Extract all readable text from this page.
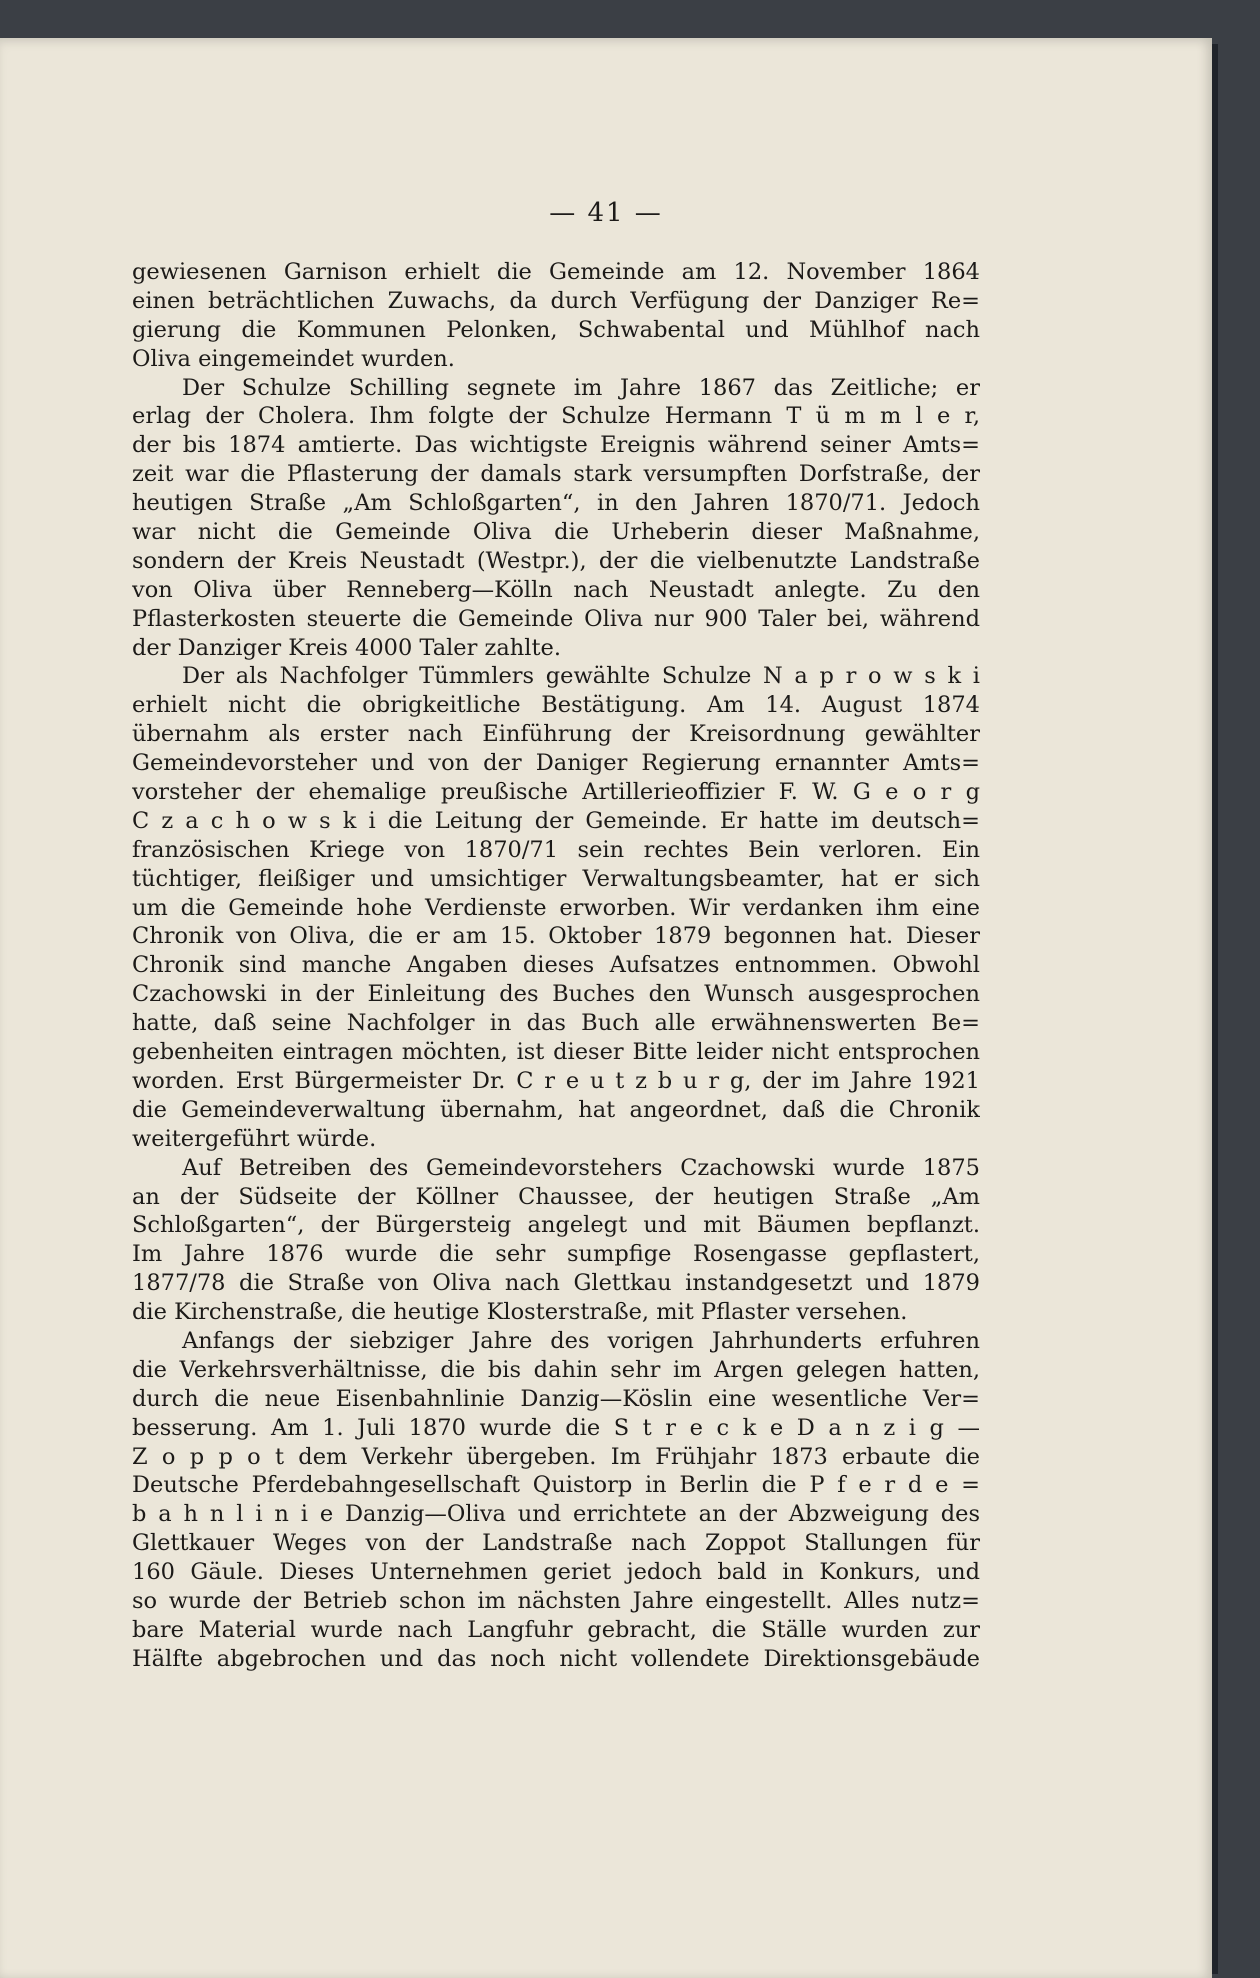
— 41 —
gewiesenen Garnison erhielt die Gemeinde am 12. November 1864
einen beträchtlichen Zuwachs, da durch Verfügung der Danziger Re=
gierung die Kommunen Pelonken, Schwabental und Mühlhof nach
Oliva eingemeindet wurden.
Der Schulze Schilling segnete im Jahre 1867 das Zeitliche; er
erlag der Cholera. Ihm folgte der Schulze Hermann T ü m m l e r,
der bis 1874 amtierte. Das wichtigste Ereignis während seiner Amts=
zeit war die Pflasterung der damals stark versumpften Dorfstraße, der
heutigen Straße „Am Schloßgarten“, in den Jahren 1870/71. Jedoch
war nicht die Gemeinde Oliva die Urheberin dieser Maßnahme,
sondern der Kreis Neustadt (Westpr.), der die vielbenutzte Landstraße
von Oliva über Renneberg—Kölln nach Neustadt anlegte. Zu den
Pflasterkosten steuerte die Gemeinde Oliva nur 900 Taler bei, während
der Danziger Kreis 4000 Taler zahlte.
Der als Nachfolger Tümmlers gewählte Schulze N a p r o w s k i
erhielt nicht die obrigkeitliche Bestätigung. Am 14. August 1874
übernahm als erster nach Einführung der Kreisordnung gewählter
Gemeindevorsteher und von der Daniger Regierung ernannter Amts=
vorsteher der ehemalige preußische Artillerieoffizier F. W. G e o r g
C z a c h o w s k i die Leitung der Gemeinde. Er hatte im deutsch=
französischen Kriege von 1870/71 sein rechtes Bein verloren. Ein
tüchtiger, fleißiger und umsichtiger Verwaltungsbeamter, hat er sich
um die Gemeinde hohe Verdienste erworben. Wir verdanken ihm eine
Chronik von Oliva, die er am 15. Oktober 1879 begonnen hat. Dieser
Chronik sind manche Angaben dieses Aufsatzes entnommen. Obwohl
Czachowski in der Einleitung des Buches den Wunsch ausgesprochen
hatte, daß seine Nachfolger in das Buch alle erwähnenswerten Be=
gebenheiten eintragen möchten, ist dieser Bitte leider nicht entsprochen
worden. Erst Bürgermeister Dr. C r e u t z b u r g, der im Jahre 1921
die Gemeindeverwaltung übernahm, hat angeordnet, daß die Chronik
weitergeführt würde.
Auf Betreiben des Gemeindevorstehers Czachowski wurde 1875
an der Südseite der Köllner Chaussee, der heutigen Straße „Am
Schloßgarten“, der Bürgersteig angelegt und mit Bäumen bepflanzt.
Im Jahre 1876 wurde die sehr sumpfige Rosengasse gepflastert,
1877/78 die Straße von Oliva nach Glettkau instandgesetzt und 1879
die Kirchenstraße, die heutige Klosterstraße, mit Pflaster versehen.
Anfangs der siebziger Jahre des vorigen Jahrhunderts erfuhren
die Verkehrsverhältnisse, die bis dahin sehr im Argen gelegen hatten,
durch die neue Eisenbahnlinie Danzig—Köslin eine wesentliche Ver=
besserung. Am 1. Juli 1870 wurde die S t r e c k e D a n z i g —
Z o p p o t dem Verkehr übergeben. Im Frühjahr 1873 erbaute die
Deutsche Pferdebahngesellschaft Quistorp in Berlin die P f e r d e =
b a h n l i n i e Danzig—Oliva und errichtete an der Abzweigung des
Glettkauer Weges von der Landstraße nach Zoppot Stallungen für
160 Gäule. Dieses Unternehmen geriet jedoch bald in Konkurs, und
so wurde der Betrieb schon im nächsten Jahre eingestellt. Alles nutz=
bare Material wurde nach Langfuhr gebracht, die Ställe wurden zur
Hälfte abgebrochen und das noch nicht vollendete Direktionsgebäude
